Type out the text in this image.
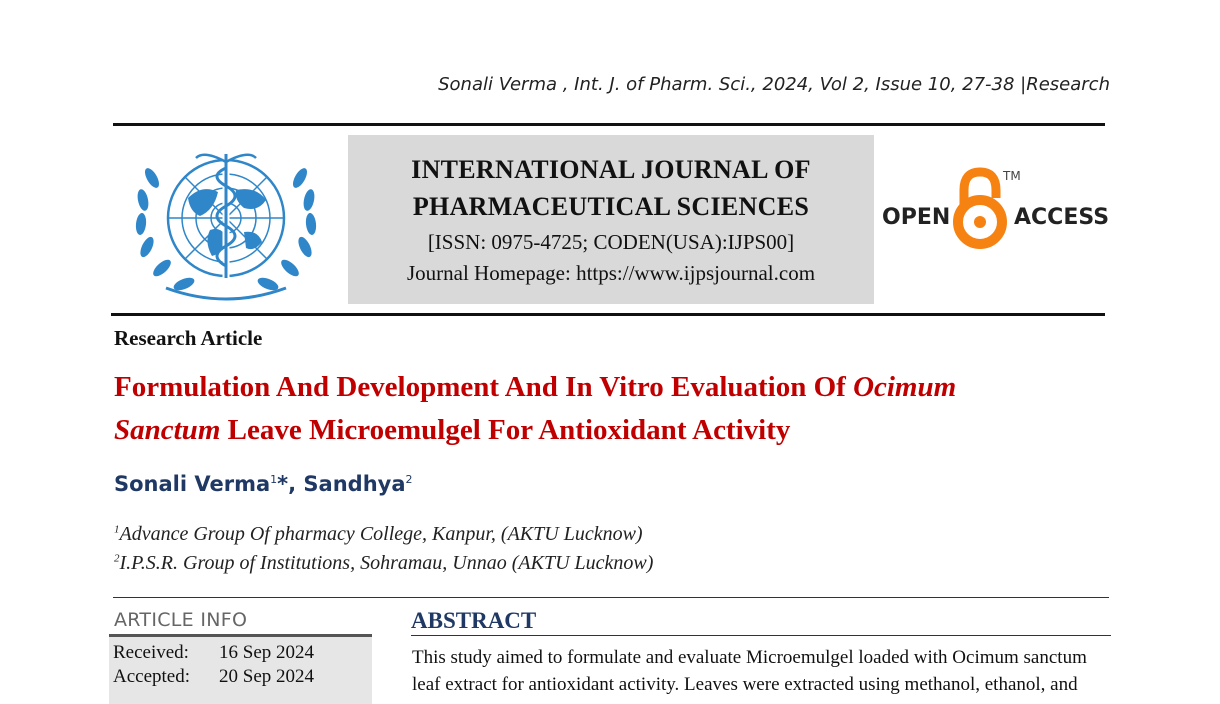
Sonali Verma , Int. J. of Pharm. Sci., 2024, Vol 2, Issue 10, 27-38 |Research
INTERNATIONAL JOURNAL OF
PHARMACEUTICAL SCIENCES
[ISSN: 0975-4725; CODEN(USA):IJPS00]
Journal Homepage: https://www.ijpsjournal.com
OPEN	ACCESS
TM
Research Article
Formulation And Development And In Vitro Evaluation Of Ocimum
Sanctum Leave Microemulgel For Antioxidant Activity
Sonali Verma$^1$*, Sandhya$^2$
$^1$Advance Group Of pharmacy College, Kanpur, (AKTU Lucknow)
$^2$I.P.S.R. Group of Institutions, Sohramau, Unnao (AKTU Lucknow)
ARTICLE INFO
Received: 16 Sep 2024
Accepted: 20 Sep 2024
ABSTRACT
This study aimed to formulate and evaluate Microemulgel loaded with Ocimum sanctum leaf extract for antioxidant activity. Leaves were extracted using methanol, ethanol, and
